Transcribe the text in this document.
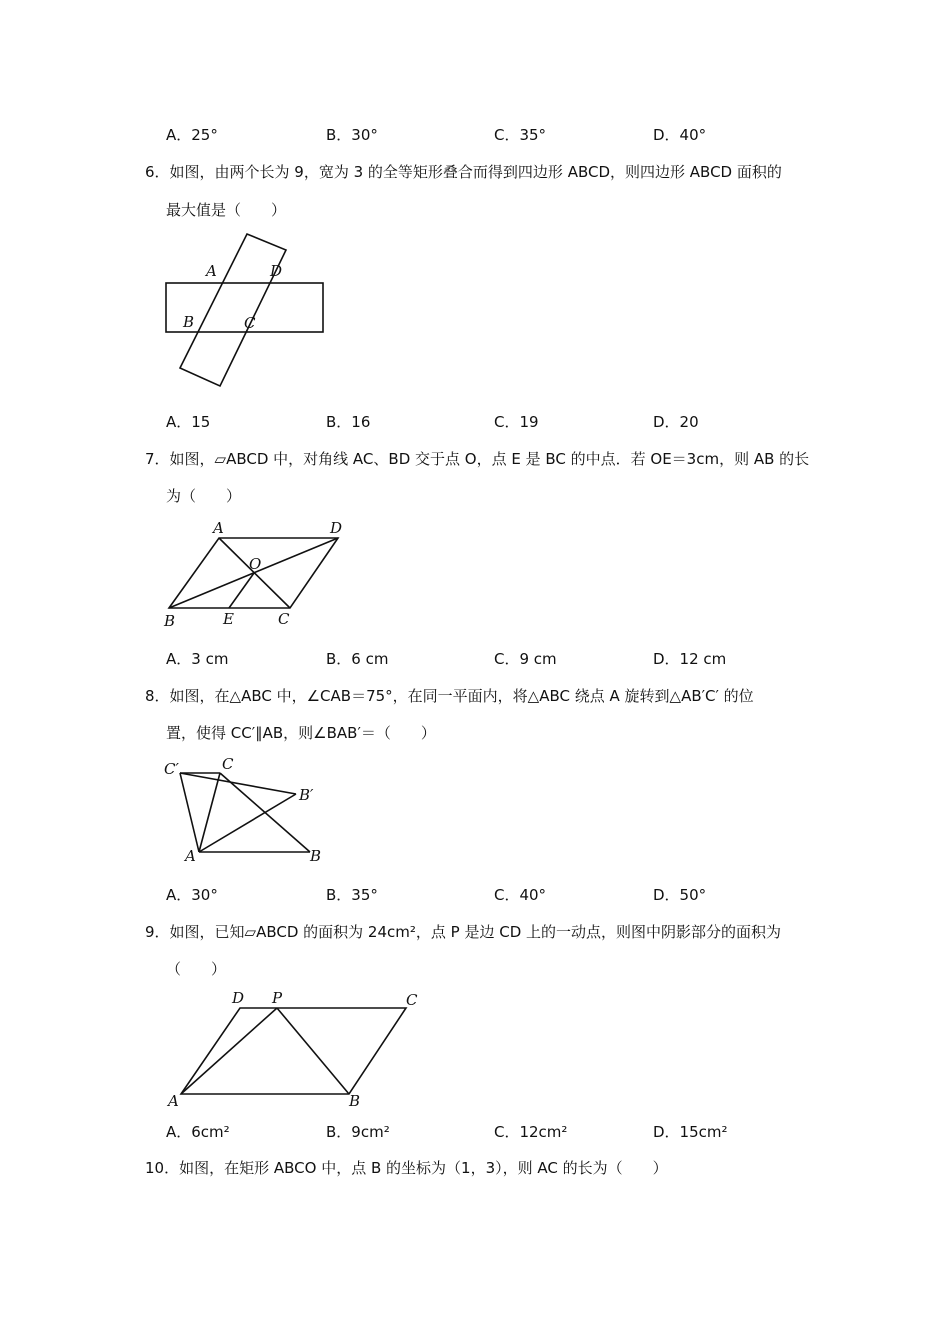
A．25°	B．30°	C．35°	D．40°
6．如图，由两个长为 9，宽为 3 的全等矩形叠合而得到四边形 ABCD，则四边形 ABCD 面积的
最大值是（　　）
A	D
B	C
A．15	B．16	C．19	D．20
7．如图，▱ABCD 中，对角线 AC、BD 交于点 O，点 E 是 BC 的中点．若 OE＝3cm，则 AB 的长
为（　　）
A	D
O
B	E	C
A．3 cm	B．6 cm	C．9 cm	D．12 cm
8．如图，在△ABC 中，∠CAB＝75°，在同一平面内，将△ABC 绕点 A 旋转到△AB′C′ 的位
置，使得 CC′∥AB，则∠BAB′＝（　　）
C′	C
B′
A	B
A．30°	B．35°	C．40°	D．50°
9．如图，已知▱ABCD 的面积为 24cm²，点 P 是边 CD 上的一动点，则图中阴影部分的面积为
（　　）
D P	C
A	B
A．6cm²	B．9cm²	C．12cm²	D．15cm²
10．如图，在矩形 ABCO 中，点 B 的坐标为（1，3），则 AC 的长为（　　）
